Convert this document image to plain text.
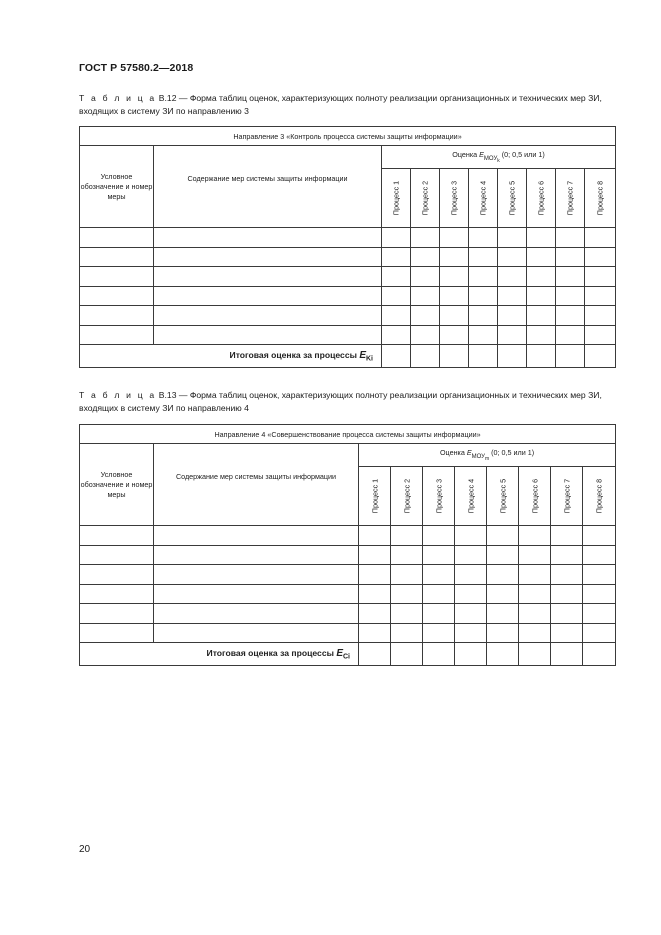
ГОСТ Р 57580.2—2018
Т а б л и ц а В.12 — Форма таблиц оценок, характеризующих полноту реализации организационных и технических мер ЗИ, входящих в систему ЗИ по направлению 3
Направление 3 «Контроль процесса системы защиты информации»									
Условное обозначение и номер меры	Содержание мер системы защиты информации	Оценка $E_{МОУ_k}$ (0; 0,5 или 1)							

		Процесс 1	Процесс 2	Процесс 3	Процесс 4	Процесс 5	Процесс 6	Процесс 7	Процесс 8

Итоговая оценка за процессы $E_{Ki}$								
Т а б л и ц а В.13 — Форма таблиц оценок, характеризующих полноту реализации организационных и технических мер ЗИ, входящих в систему ЗИ по направлению 4
Направление 4 «Совершенствование процесса системы защиты информации»									
Условное обозначение и номер меры	Содержание мер системы защиты информации	Оценка $E_{МОУ_m}$ (0; 0,5 или 1)							

		Процесс 1	Процесс 2	Процесс 3	Процесс 4	Процесс 5	Процесс 6	Процесс 7	Процесс 8

Итоговая оценка за процессы $E_{Ci}$								
20
